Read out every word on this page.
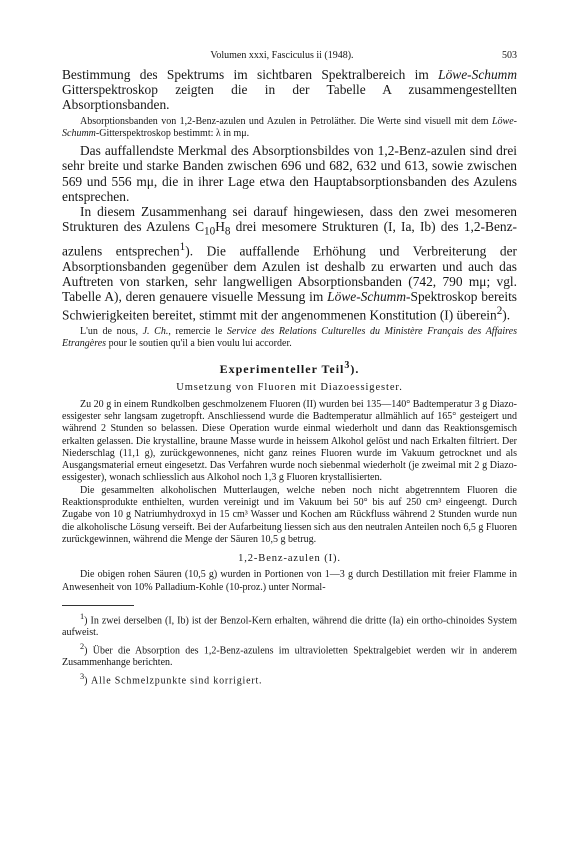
Volumen xxxi, Fasciculus ii (1948).	503

Bestimmung des Spektrums im sichtbaren Spektralbereich im Löwe-Schumm Gitterspektroskop zeigten die in der Tabelle A zusammengestellten Absorptionsbanden.

Absorptionsbanden von 1,2-Benz-azulen und Azulen in Petroläther. Die Werte sind visuell mit dem Löwe-Schumm-Gitterspektroskop bestimmt: λ in mμ.

Das auffallendste Merkmal des Absorptionsbildes von 1,2-Benz-azulen sind drei sehr breite und starke Banden zwischen 696 und 682, 632 und 613, sowie zwischen 569 und 556 mμ, die in ihrer Lage etwa den Hauptabsorptionsbanden des Azulens entsprechen.

In diesem Zusammenhang sei darauf hingewiesen, dass den zwei mesomeren Strukturen des Azulens $C_{10}H_8$ drei mesomere Strukturen (I, Ia, Ib) des 1,2-Benz-azulens entsprechen$^1$). Die auffallende Erhöhung und Verbreiterung der Absorptionsbanden gegenüber dem Azulen ist deshalb zu erwarten und auch das Auftreten von starken, sehr langwelligen Absorptionsbanden (742, 790 mμ; vgl. Tabelle A), deren genauere visuelle Messung im Löwe-Schumm-Spektroskop bereits Schwierigkeiten bereitet, stimmt mit der angenommenen Konstitution (I) überein$^2$).

L'un de nous, J. Ch., remercie le Service des Relations Culturelles du Ministère Français des Affaires Etrangères pour le soutien qu'il a bien voulu lui accorder.

Experimenteller Teil$^3$).
Umsetzung von Fluoren mit Diazoessigester.

Zu 20 g in einem Rundkolben geschmolzenem Fluoren (II) wurden bei 135—140° Badtemperatur 3 g Diazo-essigester sehr langsam zugetropft. Anschliessend wurde die Badtemperatur allmählich auf 165° gesteigert und während 2 Stunden so belassen. Diese Operation wurde einmal wiederholt und dann das Reaktionsgemisch erkalten gelassen. Die krystalline, braune Masse wurde in heissem Alkohol gelöst und nach Erkalten filtriert. Der Niederschlag (11,1 g), zurückgewonnenes, nicht ganz reines Fluoren wurde im Vakuum getrocknet und als Ausgangsmaterial erneut eingesetzt. Das Verfahren wurde noch siebenmal wiederholt (je zweimal mit 2 g Diazo-essigester), wonach schliesslich aus Alkohol noch 1,3 g Fluoren krystallisierten.

Die gesammelten alkoholischen Mutterlaugen, welche neben noch nicht abgetrenntem Fluoren die Reaktionsprodukte enthielten, wurden vereinigt und im Vakuum bei 50° bis auf 250 cm³ eingeengt. Durch Zugabe von 10 g Natriumhydroxyd in 15 cm³ Wasser und Kochen am Rückfluss während 2 Stunden wurde nun die alkoholische Lösung verseift. Bei der Aufarbeitung liessen sich aus den neutralen Anteilen noch 6,5 g Fluoren zurückgewinnen, während die Menge der Säuren 10,5 g betrug.

1,2-Benz-azulen (I).

Die obigen rohen Säuren (10,5 g) wurden in Portionen von 1—3 g durch Destillation mit freier Flamme in Anwesenheit von 10% Palladium-Kohle (10-proz.) unter Normal-

$^1$) In zwei derselben (I, Ib) ist der Benzol-Kern erhalten, während die dritte (Ia) ein ortho-chinoides System aufweist.

$^2$) Über die Absorption des 1,2-Benz-azulens im ultravioletten Spektralgebiet werden wir in anderem Zusammenhange berichten.

$^3$) Alle Schmelzpunkte sind korrigiert.
